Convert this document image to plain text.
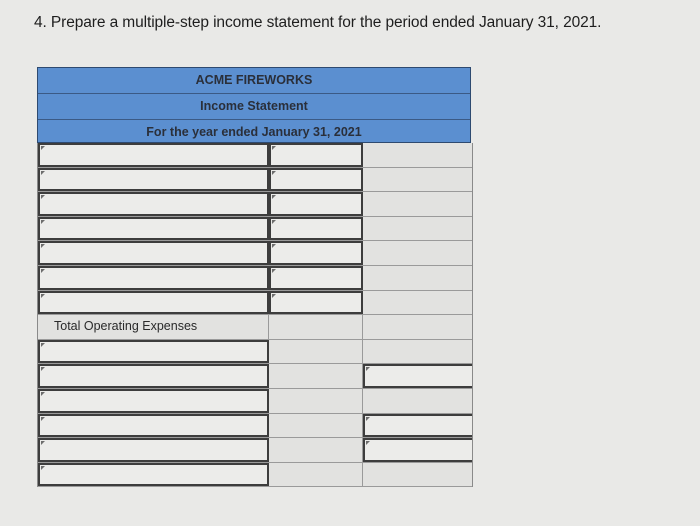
4. Prepare a multiple-step income statement for the period ended January 31, 2021.
ACME FIREWORKS
Income Statement
For the year ended January 31, 2021
Total Operating Expenses
